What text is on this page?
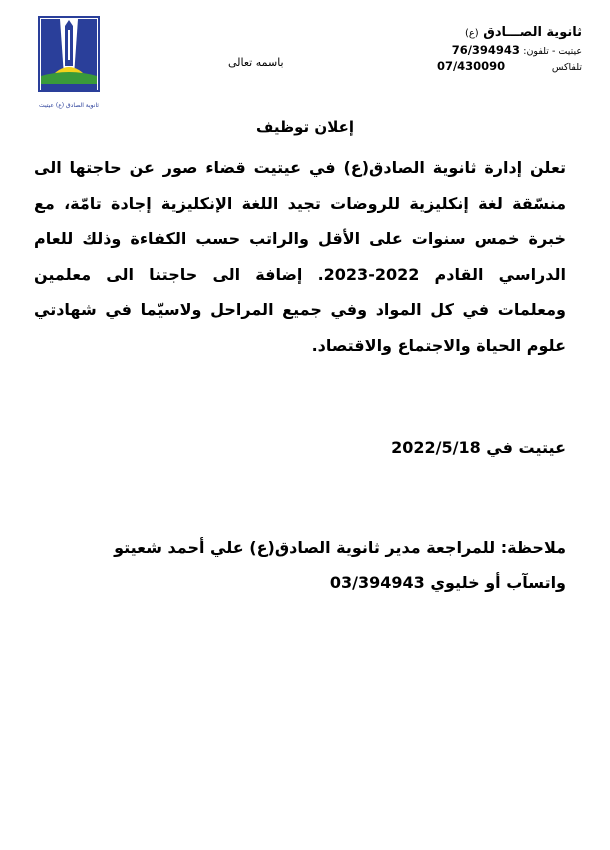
ثانوية الصادق (ع) عيتيت
ثانوية الصـــادق (ع)
عيتيت - تلفون: 76/394943
تلفاكس  07/430090
باسمه تعالى
إعلان توظيف

تعلن إدارة ثانوية الصادق(ع) في عيتيت قضاء صور عن حاجتها الى منسّقة لغة إنكليزية للروضات تجيد اللغة الإنكليزية إجادة تامّة، مع خبرة خمس سنوات على الأقل والراتب حسب الكفاءة وذلك للعام الدراسي القادم 2022-2023. إضافة الى حاجتنا الى معلمين ومعلمات في كل المواد وفي جميع المراحل ولاسيّما في شهادتي علوم الحياة والاجتماع والاقتصاد.

عيتيت في 2022/5/18

ملاحظة: للمراجعة مدير ثانوية الصادق(ع) علي أحمد شعيتو

واتسآب أو خليوي 03/394943
